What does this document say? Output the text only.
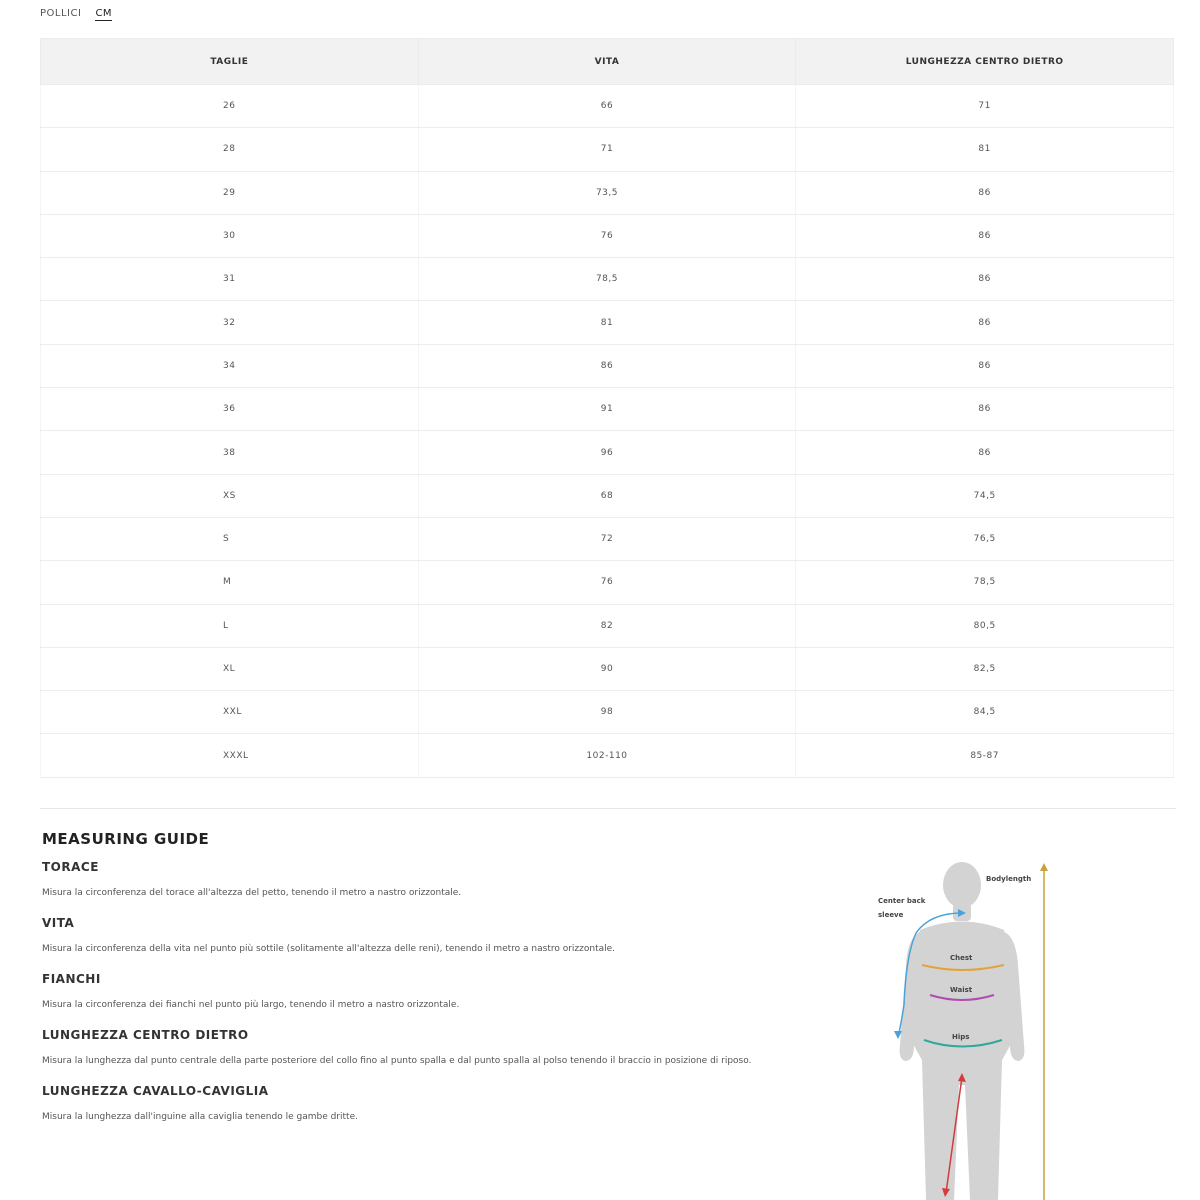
POLLICI CM
TAGLIE	VITA	LUNGHEZZA CENTRO DIETRO
26	66	71
28	71	81
29	73,5	86
30	76	86
31	78,5	86
32	81	86
34	86	86
36	91	86
38	96	86
XS	68	74,5
S	72	76,5
M	76	78,5
L	82	80,5
XL	90	82,5
XXL	98	84,5
XXXL	102-110	85-87
MEASURING GUIDE
TORACE

Misura la circonferenza del torace all'altezza del petto, tenendo il metro a nastro orizzontale.

VITA

Misura la circonferenza della vita nel punto più sottile (solitamente all'altezza delle reni), tenendo il metro a nastro orizzontale.

FIANCHI

Misura la circonferenza dei fianchi nel punto più largo, tenendo il metro a nastro orizzontale.

LUNGHEZZA CENTRO DIETRO

Misura la lunghezza dal punto centrale della parte posteriore del collo fino al punto spalla e dal punto spalla al polso tenendo il braccio in posizione di riposo.

LUNGHEZZA CAVALLO-CAVIGLIA

Misura la lunghezza dall'inguine alla caviglia tenendo le gambe dritte.

Bodylength
Center back
sleeve
Chest
Waist
Hips
